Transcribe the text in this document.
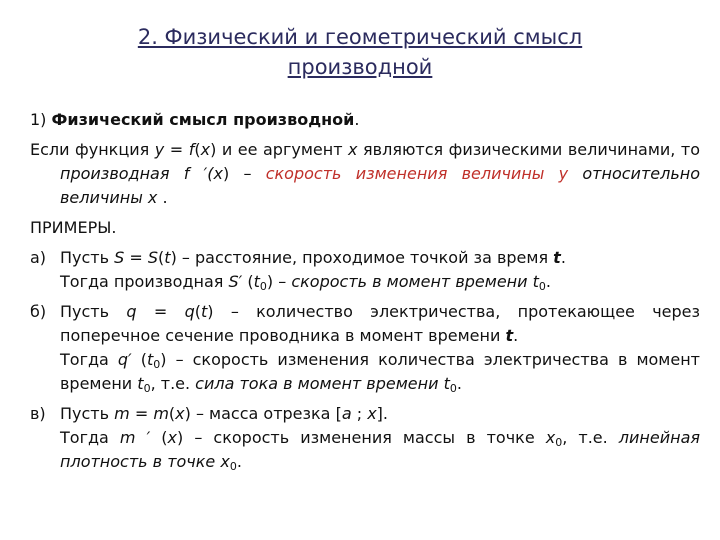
2. Физический и геометрический смысл
производной

1) Физический смысл производной.

Если функция y = f(x) и ее аргумент x являются физическими величинами, то производная f ′(x) – скорость изменения величины у относительно величины х .

ПРИМЕРЫ.

а) Пусть S = S(t) – расстояние, проходимое точкой за время t.
Тогда производная S′ $(t_0)$ – скорость в момент времени $t_0$.
б) Пусть q = q(t) – количество электричества, протекающее через поперечное сечение проводника в момент времени t.
Тогда q′ $(t_0)$ – скорость изменения количества электричества в момент времени $t_0$, т.е. сила тока в момент времени $t_0$.
в) Пусть m = m(x) – масса отрезка [a ; x].
Тогда m ′ (x) – скорость изменения массы в точке $x_0$, т.е. линейная плотность в точке $x_0$.
